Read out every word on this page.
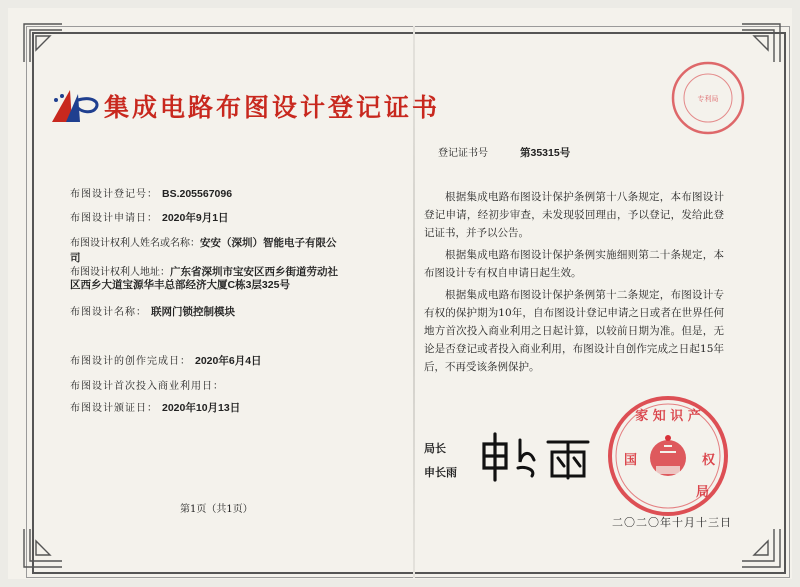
集成电路布图设计登记证书	专利局
布图设计登记号： BS.205567096
布图设计申请日： 2020年9月1日
布图设计权利人姓名或名称：安安（深圳）智能电子有限公司
布图设计权利人地址：广东省深圳市宝安区西乡街道劳动社区西乡大道宝源华丰总部经济大厦C栋3层325号
布图设计名称： 联网门锁控制模块
布图设计的创作完成日： 2020年6月4日
布图设计首次投入商业利用日：
布图设计颁证日： 2020年10月13日
第1页（共1页）
登记证书号	第35315号
根据集成电路布图设计保护条例第十八条规定，本布图设计登记申请，经初步审查，未发现驳回理由，予以登记，发给此登记证书，并予以公告。
根据集成电路布图设计保护条例实施细则第二十条规定，本布图设计专有权自申请日起生效。
根据集成电路布图设计保护条例第十二条规定，布图设计专有权的保护期为10年，自布图设计登记申请之日或者在世界任何地方首次投入商业利用之日起计算，以较前日期为准。但是，无论是否登记或者投入商业利用，布图设计自创作完成之日起15年后，不再受该条例保护。
家 知 识 产
国	权
局
局长
申长雨
二〇二〇年十月十三日
